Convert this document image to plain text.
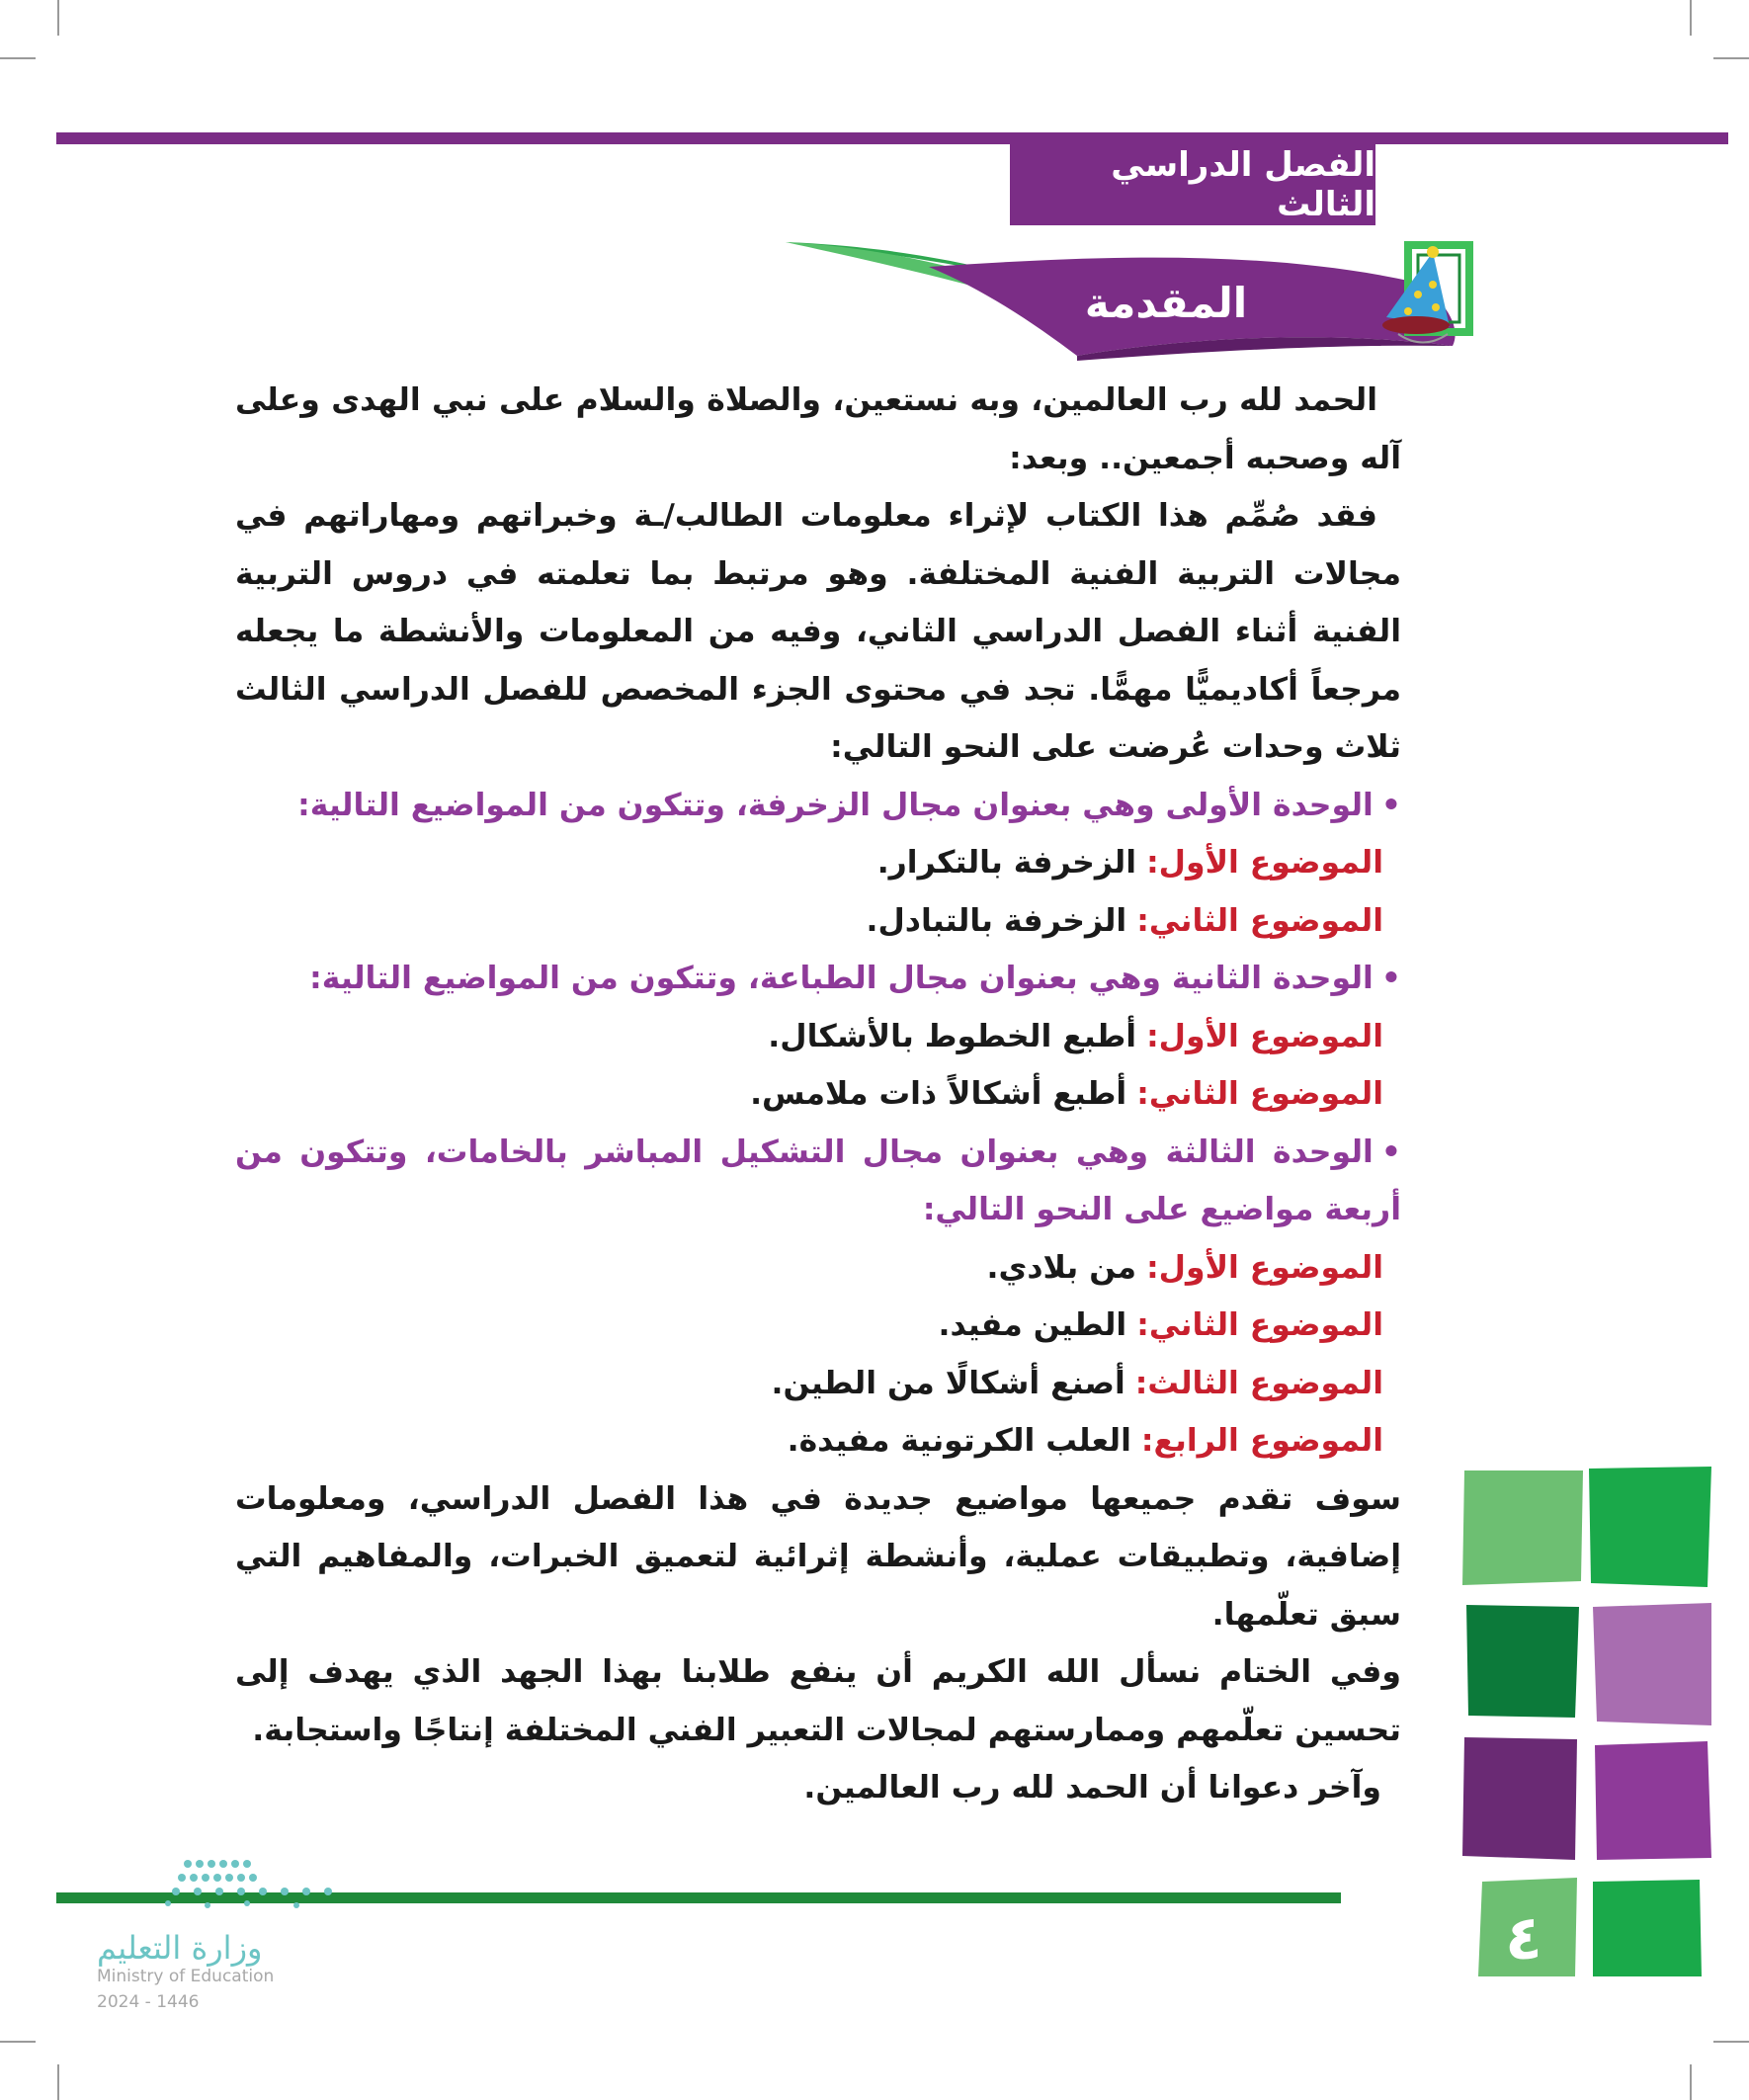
الفصل الدراسي الثالث
المقدمة

الحمد لله رب العالمين، وبه نستعين، والصلاة والسلام على نبي الهدى وعلى آله وصحبه أجمعين.. وبعد:

فقد صُمِّم هذا الكتاب لإثراء معلومات الطالب/ـة وخبراتهم ومهاراتهم في مجالات التربية الفنية المختلفة. وهو مرتبط بما تعلمته في دروس التربية الفنية أثناء الفصل الدراسي الثاني، وفيه من المعلومات والأنشطة ما يجعله مرجعاً أكاديميًّا مهمًّا. تجد في محتوى الجزء المخصص للفصل الدراسي الثالث ثلاث وحدات عُرضت على النحو التالي:

•الوحدة الأولى وهي بعنوان مجال الزخرفة، وتتكون من المواضيع التالية:

الموضوع الأول:الزخرفة بالتكرار.

الموضوع الثاني:الزخرفة بالتبادل.

•الوحدة الثانية وهي بعنوان مجال الطباعة، وتتكون من المواضيع التالية:

الموضوع الأول:أطبع الخطوط بالأشكال.

الموضوع الثاني:أطبع أشكالاً ذات ملامس.

•الوحدة الثالثة وهي بعنوان مجال التشكيل المباشر بالخامات، وتتكون من أربعة مواضيع على النحو التالي:

الموضوع الأول:من بلادي.

الموضوع الثاني:الطين مفيد.

الموضوع الثالث:أصنع أشكالًا من الطين.

الموضوع الرابع:العلب الكرتونية مفيدة.

سوف تقدم جميعها مواضيع جديدة في هذا الفصل الدراسي، ومعلومات إضافية، وتطبيقات عملية، وأنشطة إثرائية لتعميق الخبرات، والمفاهيم التي سبق تعلّمها.

وفي الختام نسأل الله الكريم أن ينفع طلابنا بهذا الجهد الذي يهدف إلى تحسين تعلّمهم وممارستهم لمجالات التعبير الفني المختلفة إنتاجًا واستجابة.

وآخر دعوانا أن الحمد لله رب العالمين.

٤
وزارة التعليم
Ministry of Education
2024 - 1446
